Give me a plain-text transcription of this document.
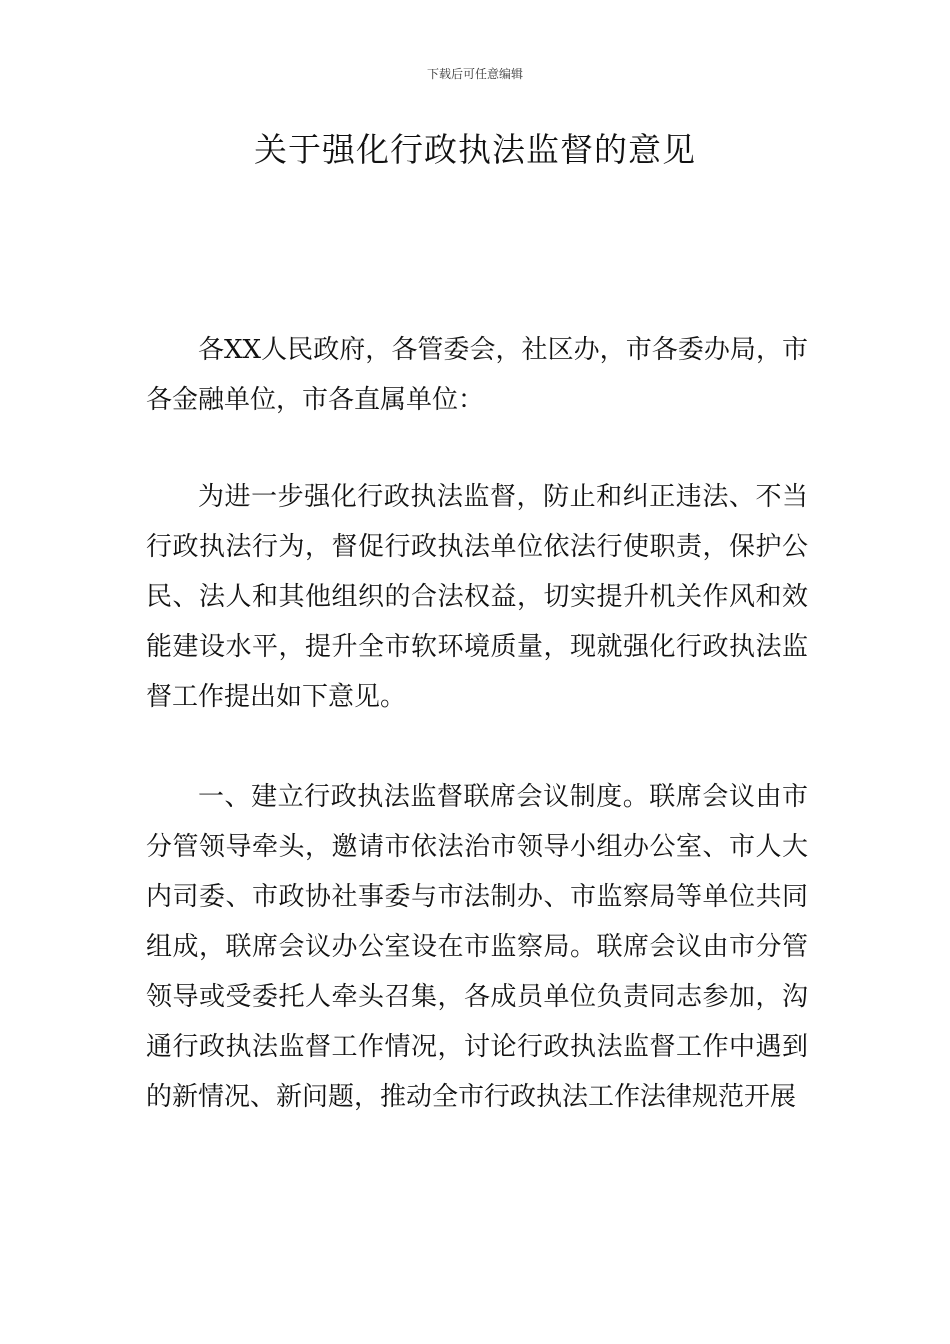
下载后可任意编辑
关于强化行政执法监督的意见

各XX人民政府，各管委会，社区办，市各委办局，市各金融单位，市各直属单位：

为进一步强化行政执法监督，防止和纠正违法、不当行政执法行为，督促行政执法单位依法行使职责，保护公民、法人和其他组织的合法权益，切实提升机关作风和效能建设水平，提升全市软环境质量，现就强化行政执法监督工作提出如下意见。

一、建立行政执法监督联席会议制度。联席会议由市分管领导牵头，邀请市依法治市领导小组办公室、市人大内司委、市政协社事委与市法制办、市监察局等单位共同组成，联席会议办公室设在市监察局。联席会议由市分管领导或受委托人牵头召集，各成员单位负责同志参加，沟通行政执法监督工作情况，讨论行政执法监督工作中遇到的新情况、新问题，推动全市行政执法工作法律规范开展
